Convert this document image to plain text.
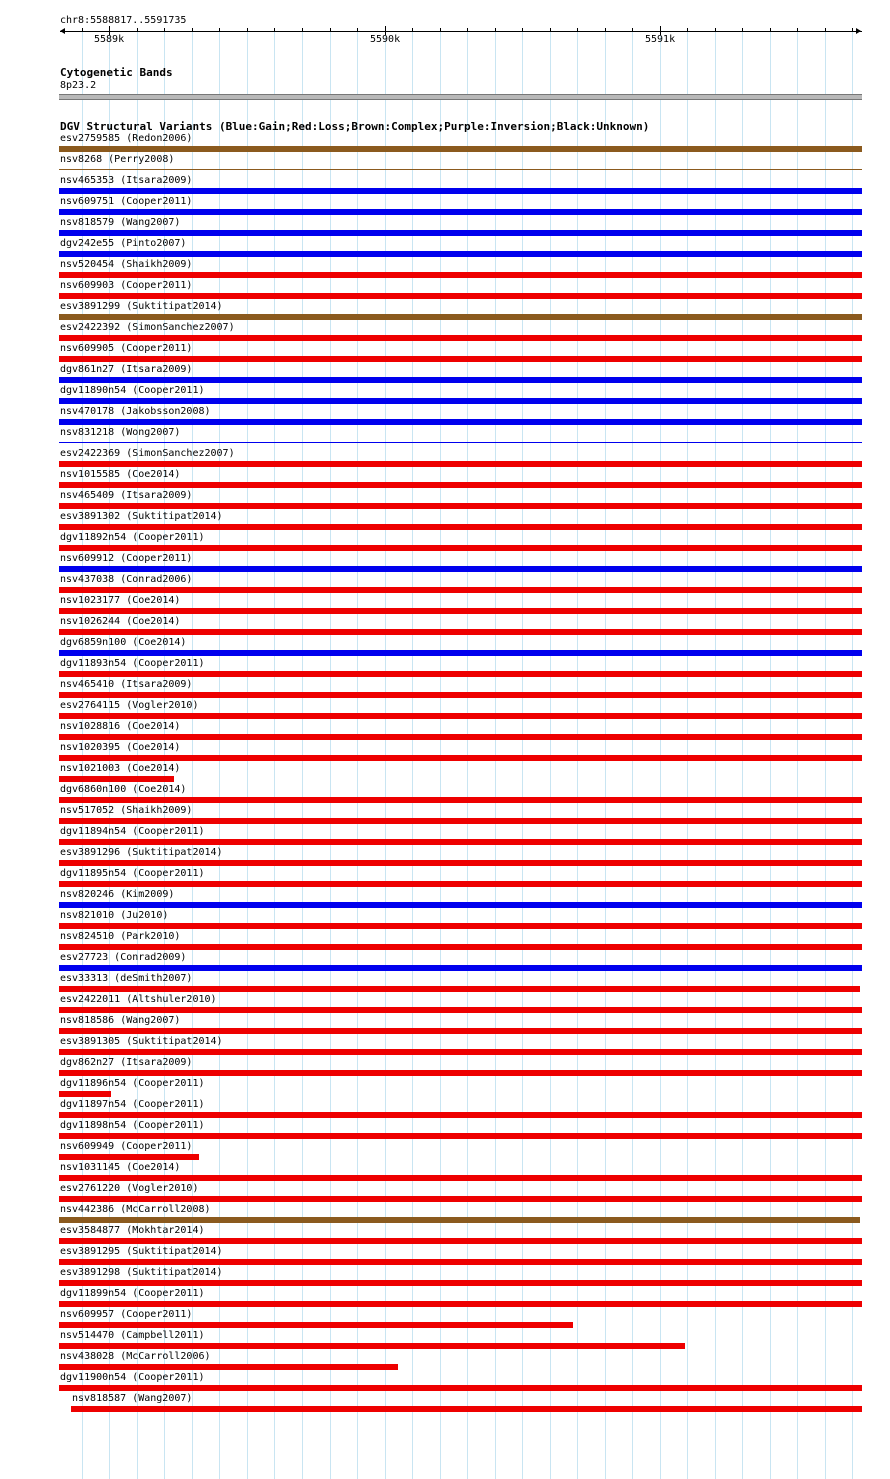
chr8:5588817..5591735
5589k	5590k	5591k
Cytogenetic Bands
8p23.2
DGV Structural Variants (Blue:Gain;Red:Loss;Brown:Complex;Purple:Inversion;Black:Unknown)
esv2759585 (Redon2006)
nsv8268 (Perry2008)
nsv465353 (Itsara2009)
nsv609751 (Cooper2011)
nsv818579 (Wang2007)
dgv242e55 (Pinto2007)
nsv520454 (Shaikh2009)
nsv609903 (Cooper2011)
esv3891299 (Suktitipat2014)
esv2422392 (SimonSanchez2007)
nsv609905 (Cooper2011)
dgv861n27 (Itsara2009)
dgv11890n54 (Cooper2011)
nsv470178 (Jakobsson2008)
nsv831218 (Wong2007)
esv2422369 (SimonSanchez2007)
nsv1015585 (Coe2014)
nsv465409 (Itsara2009)
esv3891302 (Suktitipat2014)
dgv11892n54 (Cooper2011)
nsv609912 (Cooper2011)
nsv437038 (Conrad2006)
nsv1023177 (Coe2014)
nsv1026244 (Coe2014)
dgv6859n100 (Coe2014)
dgv11893n54 (Cooper2011)
nsv465410 (Itsara2009)
esv2764115 (Vogler2010)
nsv1028816 (Coe2014)
nsv1020395 (Coe2014)
nsv1021003 (Coe2014)
dgv6860n100 (Coe2014)
nsv517052 (Shaikh2009)
dgv11894n54 (Cooper2011)
esv3891296 (Suktitipat2014)
dgv11895n54 (Cooper2011)
nsv820246 (Kim2009)
nsv821010 (Ju2010)
nsv824510 (Park2010)
esv27723 (Conrad2009)
esv33313 (deSmith2007)
esv2422011 (Altshuler2010)
nsv818586 (Wang2007)
esv3891305 (Suktitipat2014)
dgv862n27 (Itsara2009)
dgv11896n54 (Cooper2011)
dgv11897n54 (Cooper2011)
dgv11898n54 (Cooper2011)
nsv609949 (Cooper2011)
nsv1031145 (Coe2014)
esv2761220 (Vogler2010)
nsv442386 (McCarroll2008)
esv3584877 (Mokhtar2014)
esv3891295 (Suktitipat2014)
esv3891298 (Suktitipat2014)
dgv11899n54 (Cooper2011)
nsv609957 (Cooper2011)
nsv514470 (Campbell2011)
nsv438028 (McCarroll2006)
dgv11900n54 (Cooper2011)
nsv818587 (Wang2007)
